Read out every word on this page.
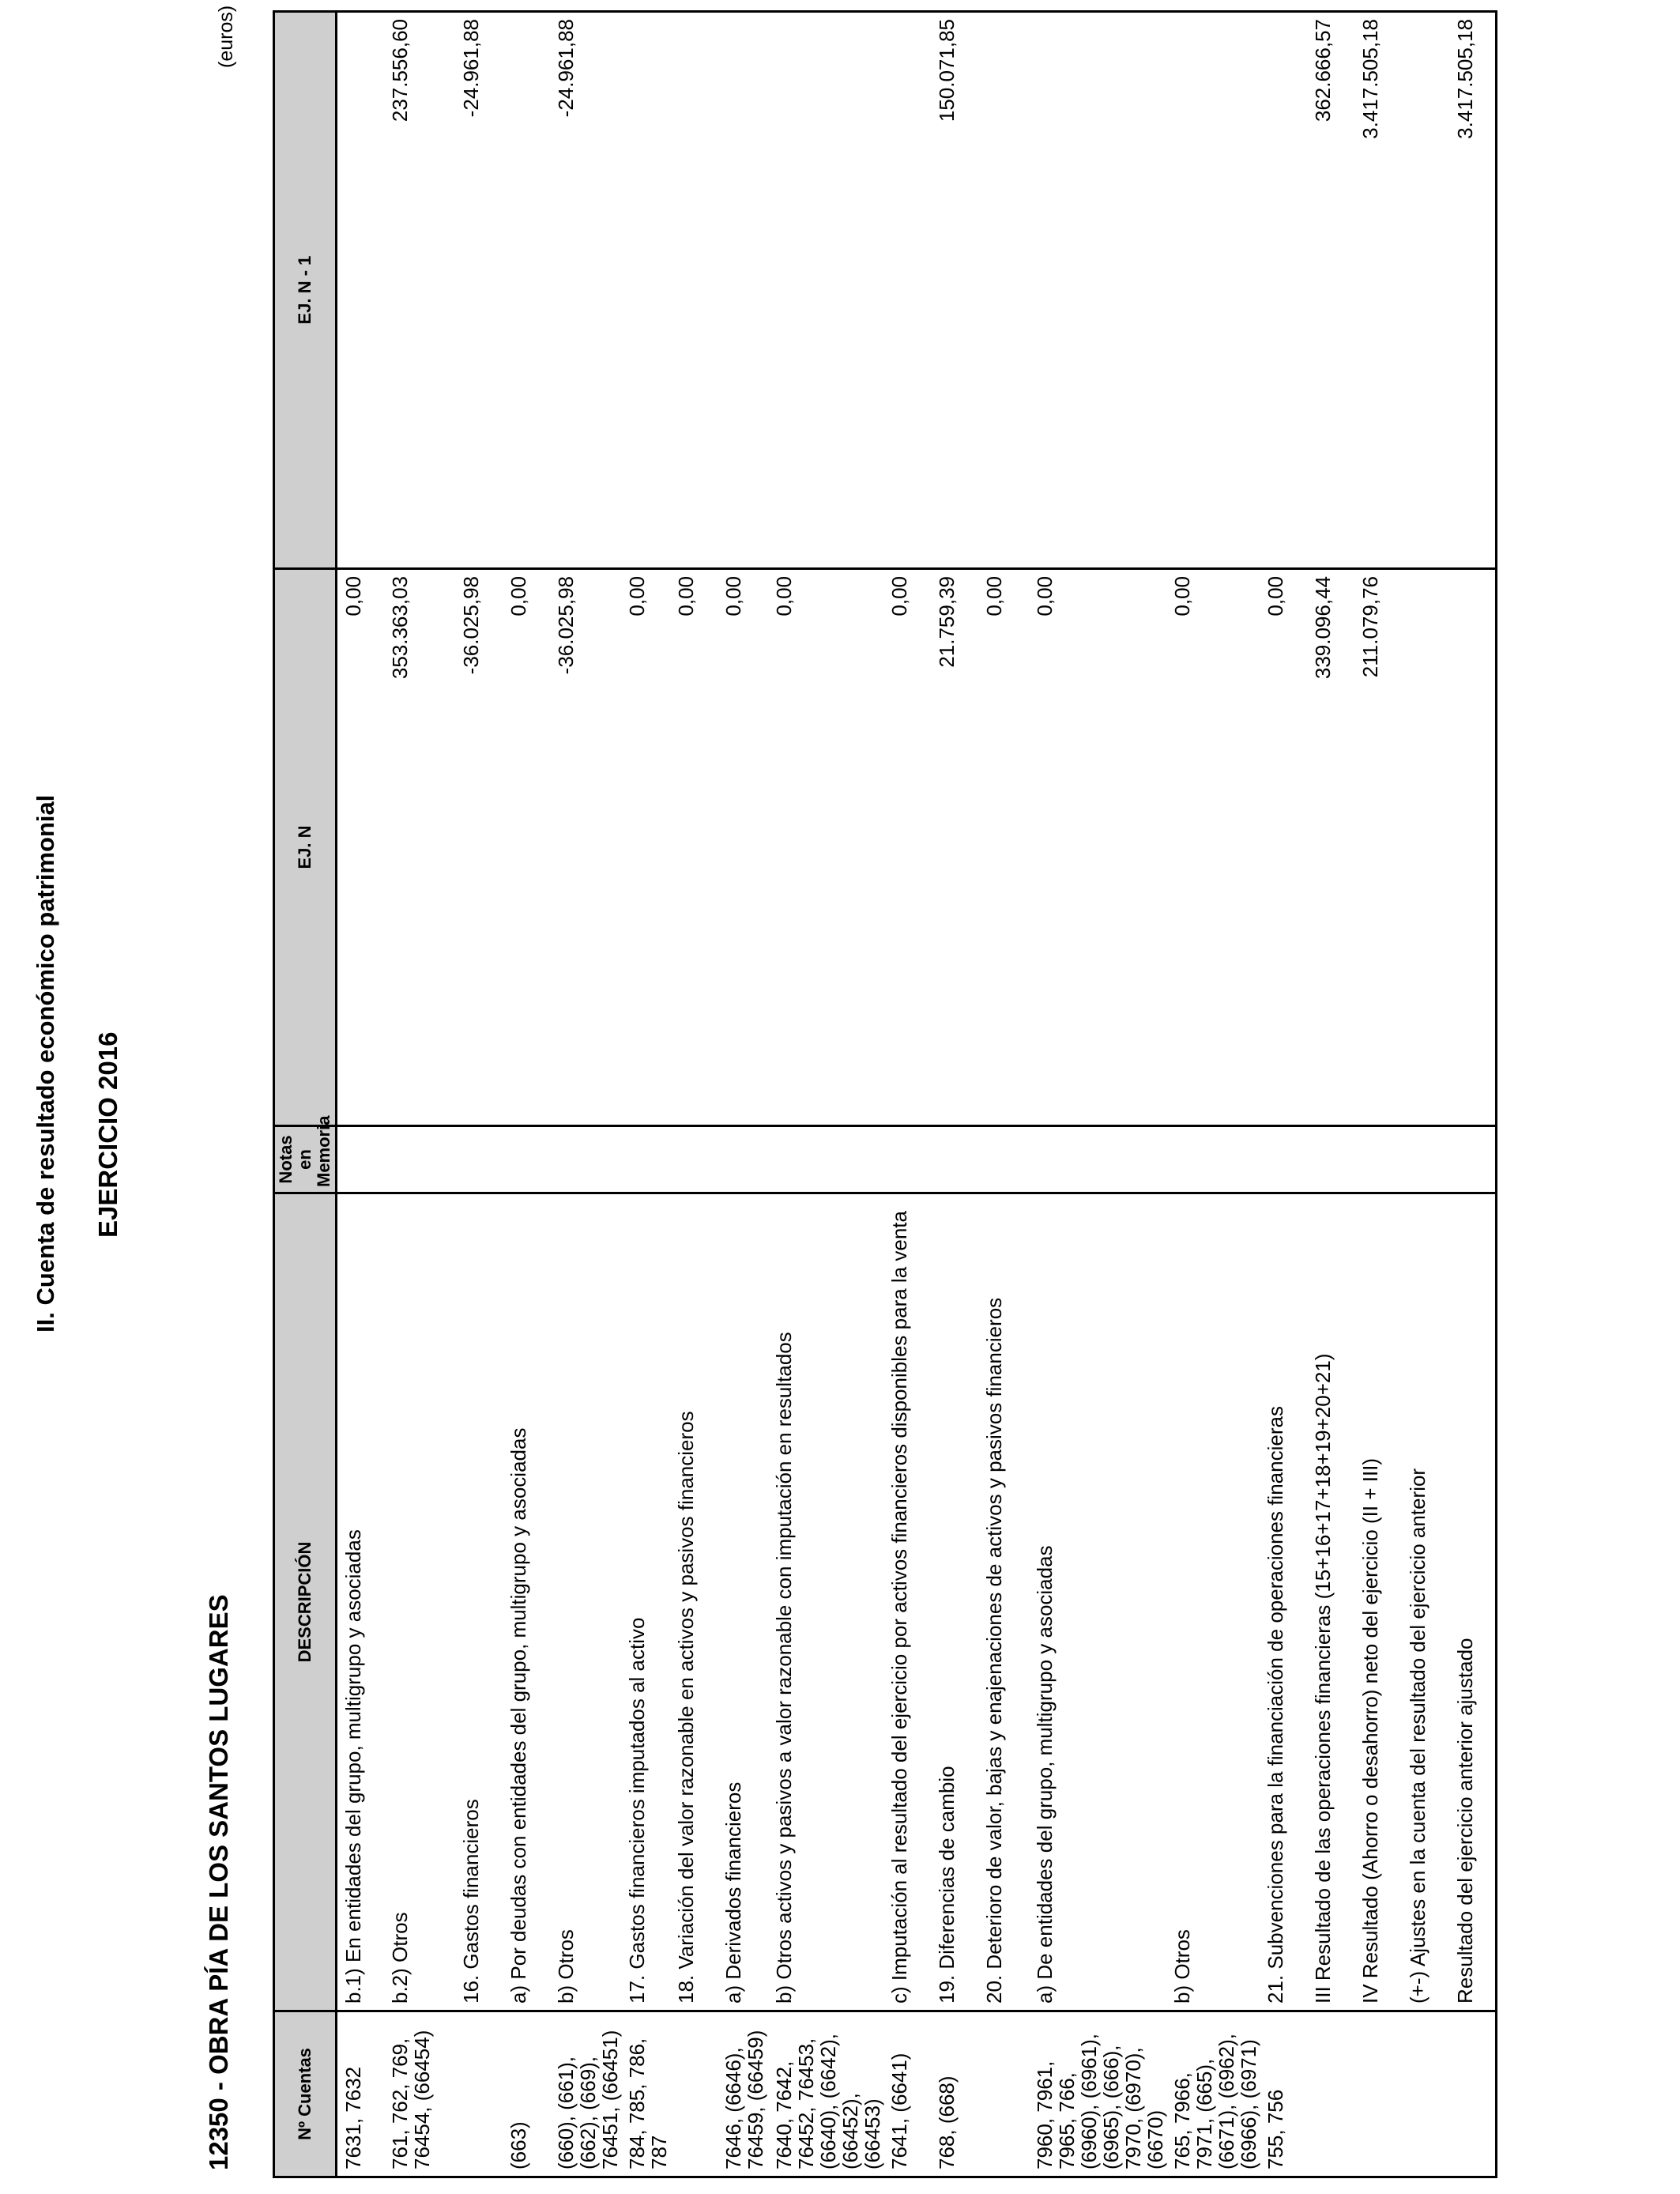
II. Cuenta de resultado económico patrimonial EJERCICIO 2016
12350 - OBRA PÍA DE LOS SANTOS LUGARES
(euros)
Nº Cuentas	DESCRIPCIÓN	Notas en Memoria	EJ. N	EJ. N - 1
7631, 7632	b.1) En entidades del grupo, multigrupo y asociadas		0,00	
761, 762, 769, 76454, (66454)	b.2) Otros		353.363,03	237.556,60
	16. Gastos financieros		-36.025,98	-24.961,88
(663)	a) Por deudas con entidades del grupo, multigrupo y asociadas		0,00	
(660), (661), (662), (669), 76451, (66451)	b) Otros		-36.025,98	-24.961,88
784, 785, 786, 787	17. Gastos financieros imputados al activo		0,00	
	18. Variación del valor razonable en activos y pasivos financieros		0,00	
7646, (6646), 76459, (66459)	a) Derivados financieros		0,00	
7640, 7642, 76452, 76453, (6640), (6642), (66452), (66453)	b) Otros activos y pasivos a valor razonable con imputación en resultados		0,00	
7641, (6641)	c) Imputación al resultado del ejercicio por activos financieros disponibles para la venta		0,00	
768, (668)	19. Diferencias de cambio		21.759,39	150.071,85
	20. Deterioro de valor, bajas y enajenaciones de activos y pasivos financieros		0,00	
7960, 7961, 7965, 766, (6960), (6961), (6965), (666), 7970, (6970), (6670)	a) De entidades del grupo, multigrupo y asociadas		0,00	
765, 7966, 7971, (665), (6671), (6962), (6966), (6971)	b) Otros		0,00	
755, 756	21. Subvenciones para la financiación de operaciones financieras		0,00	
	III Resultado de las operaciones financieras (15+16+17+18+19+20+21)		339.096,44	362.666,57
	IV Resultado (Ahorro o desahorro) neto del ejercicio (II + III)		211.079,76	3.417.505,18
	(+-) Ajustes en la cuenta del resultado del ejercicio anterior			
	Resultado del ejercicio anterior ajustado			3.417.505,18
